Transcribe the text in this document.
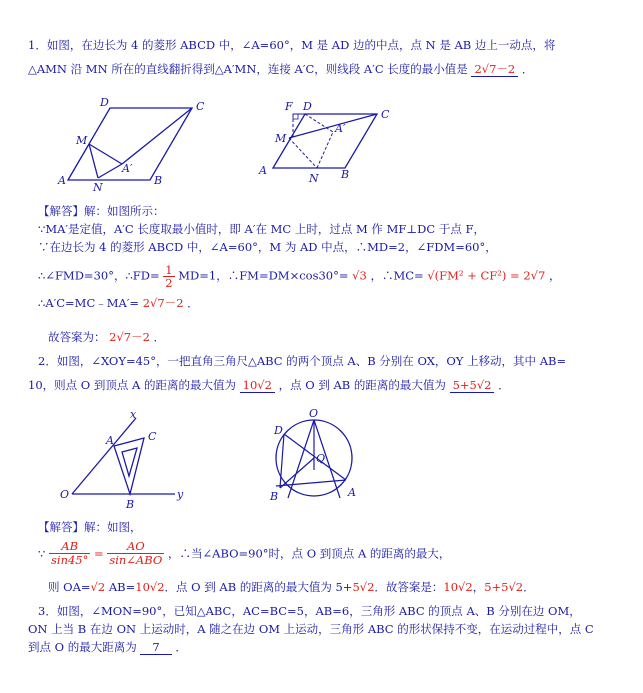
1．如图，在边长为 4 的菱形 ABCD 中，∠A=60°，M 是 AD 边的中点，点 N 是 AB 边上一动点，将
△AMN 沿 MN 所在的直线翻折得到△A′MN，连接 A′C，则线段 A′C 长度的最小值是 2√7－2 ．
D	C
M
A′
A
N
B
F D
C
M
A′
A
N B
【解答】解：如图所示：
∵MA′是定值，A′C 长度取最小值时，即 A′在 MC 上时，过点 M 作 MF⊥DC 于点 F，
∵在边长为 4 的菱形 ABCD 中，∠A=60°，M 为 AD 中点，∴MD=2，∠FDM=60°，
∴∠FMD=30°，∴FD= $\frac{1}{2} MD=1$，∴FM=DM×cos30°= √3 ，∴MC= √(FM² + CF²) = 2√7 ，
∴A′C=MC﹣MA′= 2√7－2 ．
故答案为： 2√7－2 ．
2．如图，∠XOY=45°，一把直角三角尺△ABC 的两个顶点 A、B 分别在 OX，OY 上移动，其中 AB=
10，则点 O 到顶点 A 的距离的最大值为 10√2 ，点 O 到 AB 的距离的最大值为 5+5√2 ．
x
A	C
O
B
y
O
D
Q
A
B
【解答】解：如图，
∵ $\frac{AB}{\sin 45^\circ}$ =
AO
sin∠ABO ，∴当∠ABO=90°时，点 O 到顶点 A 的距离的最大，
则 OA=√2 AB=10√2．点 O 到 AB 的距离的最大值为 5+5√2．故答案是：10√2，5+5√2．
3．如图，∠MON=90°，已知△ABC，AC=BC=5，AB=6，三角形 ABC 的顶点 A、B 分别在边 OM，
ON 上当 B 在边 ON 上运动时，A 随之在边 OM 上运动，三角形 ABC 的形状保持不变，在运动过程中，点 C
到点 O 的最大距离为 7 ．
